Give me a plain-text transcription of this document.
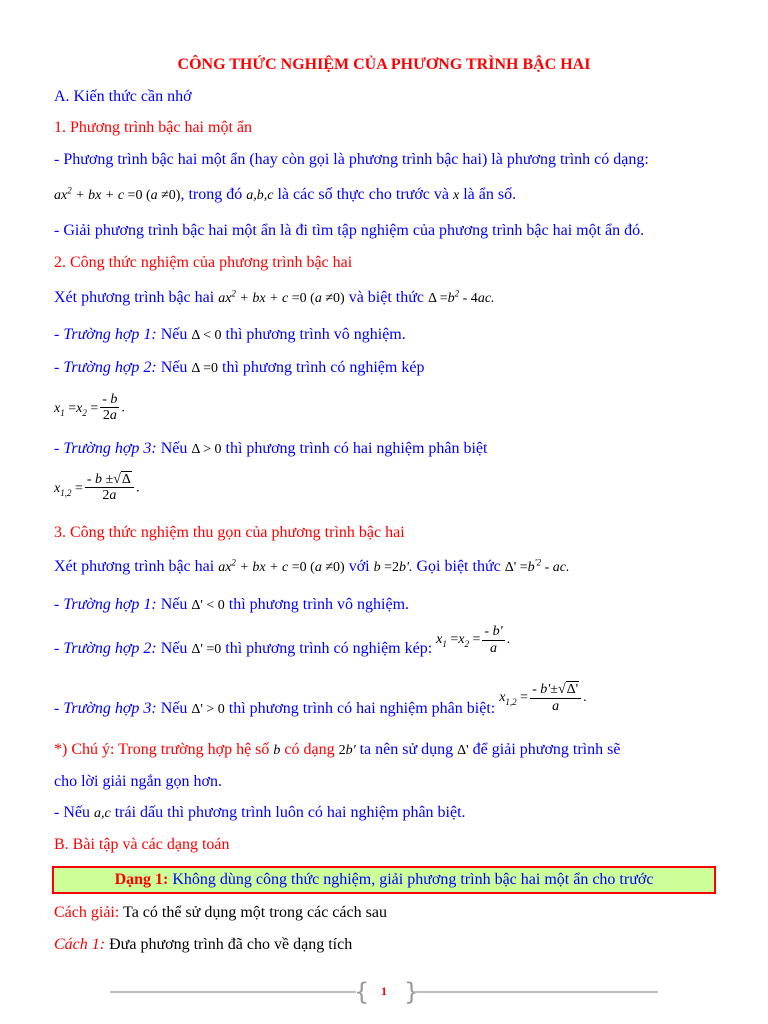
CÔNG THỨC NGHIỆM CỦA PHƯƠNG TRÌNH BẬC HAI
A. Kiến thức cần nhớ
1. Phương trình bậc hai một ẩn
- Phương trình bậc hai một ẩn (hay còn gọi là phương trình bậc hai) là phương trình có dạng:
$ax^2$ + bx + c =0 (a ≠0), trong đó a,b,c là các số thực cho trước và x là ẩn số.
- Giải phương trình bậc hai một ẩn là đi tìm tập nghiệm của phương trình bậc hai một ẩn đó.
2. Công thức nghiệm của phương trình bậc hai
Xét phương trình bậc hai $ax^2$ + bx + c =0 (a ≠0) và biệt thức $\Delta =b^2 - 4ac$.
- Trường hợp 1: Nếu Δ < 0 thì phương trình vô nghiệm.
- Trường hợp 2: Nếu Δ =0 thì phương trình có nghiệm kép
$x_1 =x_2 = \frac{- b}{2a}$ .
- Trường hợp 3: Nếu Δ > 0 thì phương trình có hai nghiệm phân biệt
$x_{1,2} = \frac{- b \pm√\Delta}{2a}$ .
3. Công thức nghiệm thu gọn của phương trình bậc hai
Xét phương trình bậc hai $ax^2$ + bx + c =0 (a ≠0) với b =2b'. Gọi biệt thức $\Delta' =b^{'2}$ - ac.
- Trường hợp 1: Nếu Δ' < 0 thì phương trình vô nghiệm.
- Trường hợp 2: Nếu Δ' =0 thì phương trình có nghiệm kép: $x_1 =x_2 = \frac{- b'}{a}$ .
- Trường hợp 3: Nếu Δ' > 0 thì phương trình có hai nghiệm phân biệt: $x_{1,2} = \frac{- b'\pm√\Delta'}{a}$ .
*) Chú ý: Trong trường hợp hệ số b có dạng 2b' ta nên sử dụng Δ' để giải phương trình sẽ
cho lời giải ngắn gọn hơn.
- Nếu a,c trái dấu thì phương trình luôn có hai nghiệm phân biệt.
B. Bài tập và các dạng toán
Dạng 1: Không dùng công thức nghiệm, giải phương trình bậc hai một ẩn cho trước
Cách giải: Ta có thể sử dụng một trong các cách sau
Cách 1: Đưa phương trình đã cho về dạng tích
{ 1 }
